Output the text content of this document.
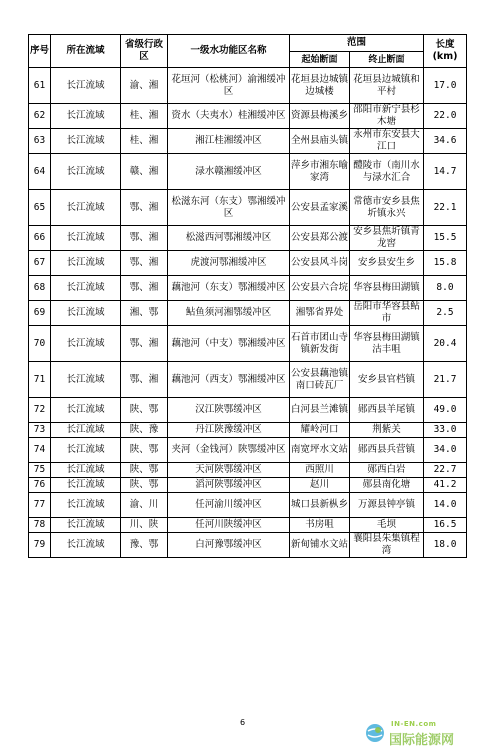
序号	所在流域	省级行政区	一级水功能区名称	范围		长度(km)
				起始断面	终止断面	
61	长江流域	渝、湘	花垣河（松桃河）渝湘缓冲区	花垣县边城镇边城楼	花垣县边城镇和平村	17.0
62	长江流域	桂、湘	资水（夫夷水）桂湘缓冲区	资源县梅溪乡	邵阳市新宁县杉木塘	22.0
63	长江流域	桂、湘	湘江桂湘缓冲区	全州县庙头镇	永州市东安县大江口	34.6
64	长江流域	赣、湘	渌水赣湘缓冲区	萍乡市湘东喻家湾	醴陵市（南川水与渌水汇合	14.7
65	长江流域	鄂、湘	松滋东河（东支）鄂湘缓冲区	公安县孟家溪	常德市安乡县焦圻镇永兴	22.1
66	长江流域	鄂、湘	松滋西河鄂湘缓冲区	公安县郑公渡	安乡县焦圻镇青龙窖	15.5
67	长江流域	鄂、湘	虎渡河鄂湘缓冲区	公安县风斗岗	安乡县安生乡	15.8
68	长江流域	鄂、湘	藕池河（东支）鄂湘缓冲区	公安县六合垸	华容县梅田湖镇	8.0
69	长江流域	湘、鄂	鲇鱼须河湘鄂缓冲区	湘鄂省界处	岳阳市华容县鲇市	2.5
70	长江流域	鄂、湘	藕池河（中支）鄂湘缓冲区	石首市团山寺镇新发街	华容县梅田湖镇沽丰咀	20.4
71	长江流域	鄂、湘	藕池河（西支）鄂湘缓冲区	公安县藕池镇南口砖瓦厂	安乡县官档镇	21.7
72	长江流域	陕、鄂	汉江陕鄂缓冲区	白河县兰滩镇	郧西县羊尾镇	49.0
73	长江流域	陕、豫	丹江陕豫缓冲区	耀岭河口	荆紫关	33.0
74	长江流域	陕、鄂	夹河（金钱河）陕鄂缓冲区	南宽坪水文站	郧西县兵营镇	34.0
75	长江流域	陕、鄂	天河陕鄂缓冲区	西照川	郧西白岩	22.7
76	长江流域	陕、鄂	滔河陕鄂缓冲区	赵川	郧县南化塘	41.2
77	长江流域	渝、川	任河渝川缓冲区	城口县新枞乡	万源县钟亭镇	14.0
78	长江流域	川、陕	任河川陕缓冲区	书房咀	毛坝	16.5
79	长江流域	豫、鄂	白河豫鄂缓冲区	新甸铺水文站	襄阳县朱集镇程湾	18.0
6	IN-EN.com
国际能源网
